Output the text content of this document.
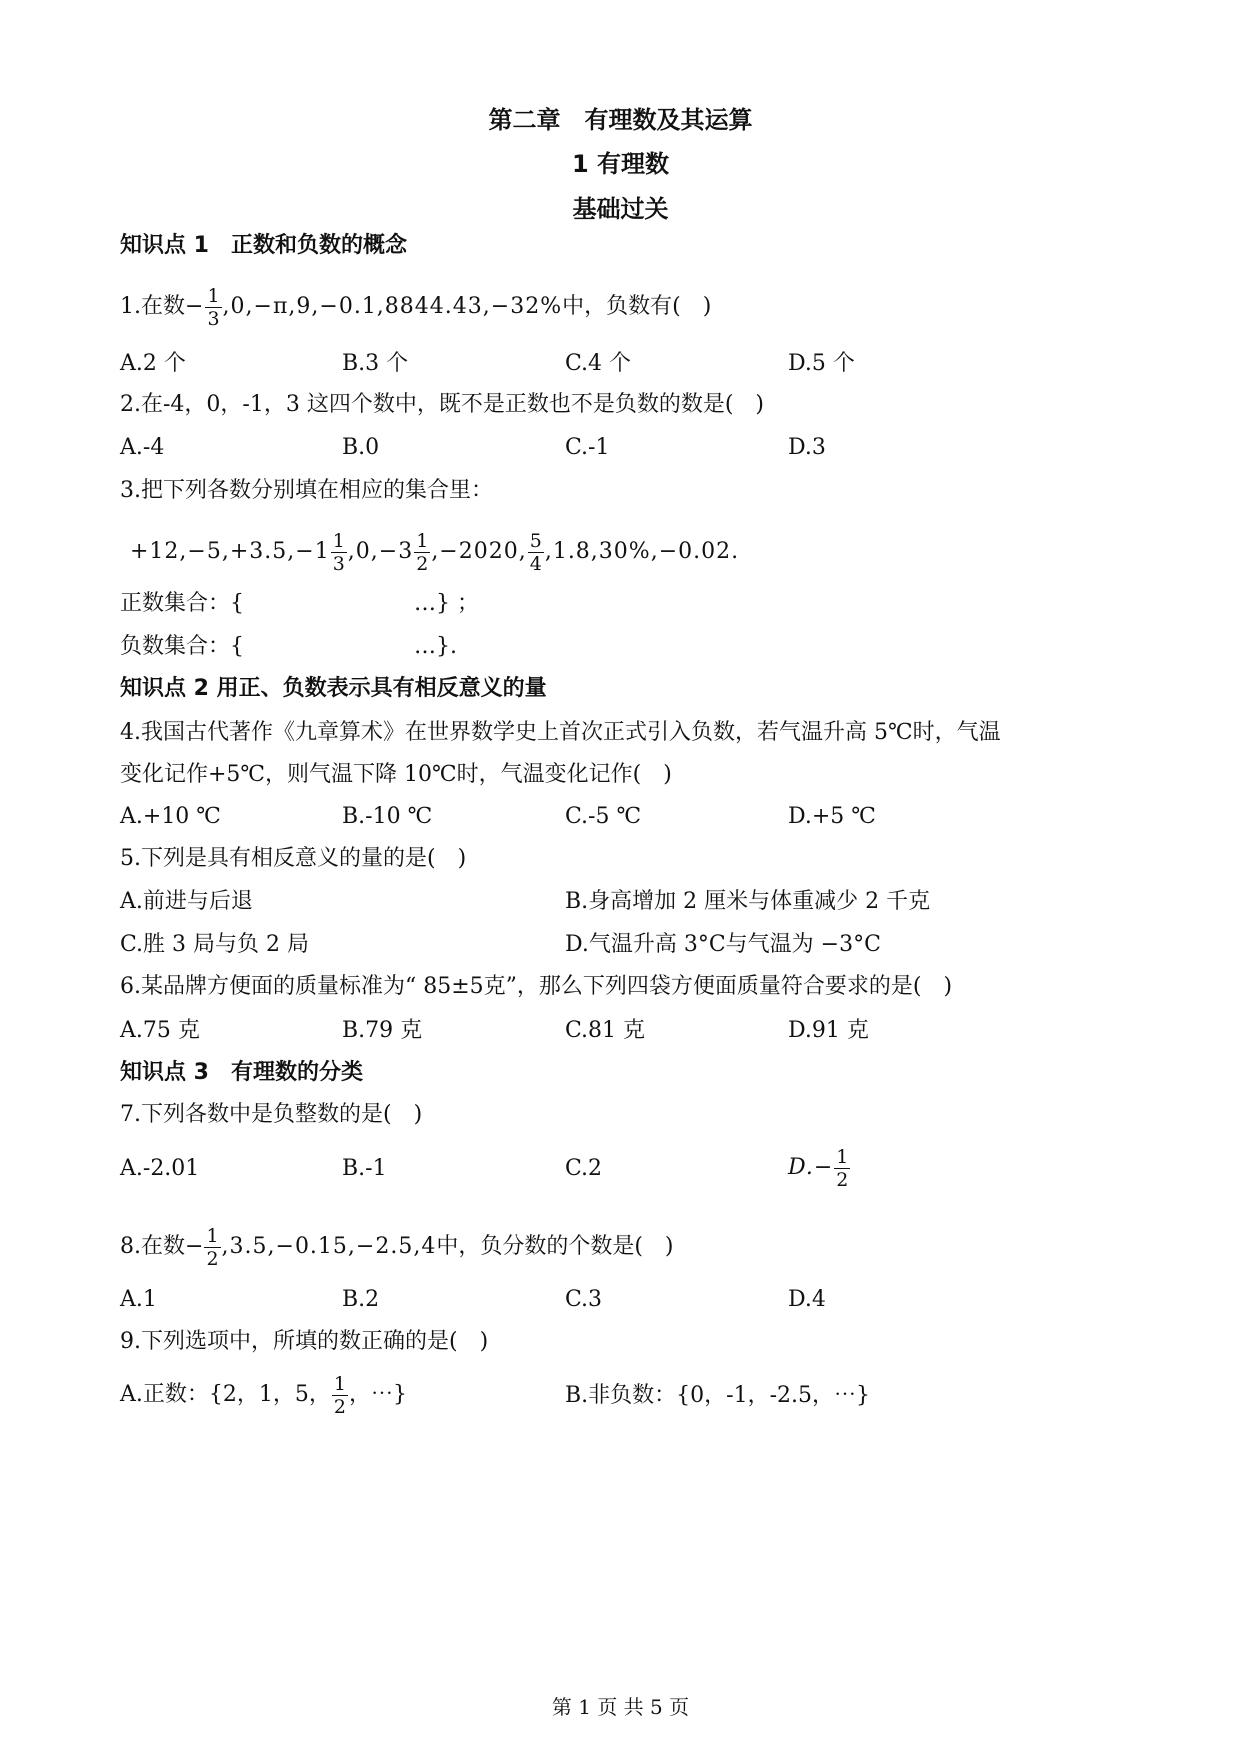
第二章　有理数及其运算
1 有理数
基础过关
知识点 1　正数和负数的概念
1.在数− $\frac{1}{3} ,0,-\pi,9,-0.1,8844.43,-32\%$中，负数有(　)
A.2 个	B.3 个	C.4 个	D.5 个
2.在-4，0，-1，3 这四个数中，既不是正数也不是负数的数是(　)
A.-4	B.0	C.-1	D.3
3.把下列各数分别填在相应的集合里：
$+12,-5,+3.5,-1 \frac{1}{3} ,0,-3 \frac{1}{2} ,-2020$, $\frac{5}{4} ,1.8,30\%,-0.02$.
正数集合：{	…} ；
负数集合：{	…}.
知识点 2 用正、负数表示具有相反意义的量
4.我国古代著作《九章算术》在世界数学史上首次正式引入负数，若气温升高 5℃时，气温
变化记作+5℃，则气温下降 10℃时，气温变化记作(　)
A.+10 ℃	B.-10 ℃	C.-5 ℃	D.+5 ℃
5.下列是具有相反意义的量的是(　)
A.前进与后退	B.身高增加 2 厘米与体重减少 2 千克
C.胜 3 局与负 2 局	D.气温升高 3°C与气温为 −3°C
6.某品牌方便面的质量标准为“ 85±5克”，那么下列四袋方便面质量符合要求的是(　)
A.75 克	B.79 克	C.81 克	D.91 克
知识点 3　有理数的分类
7.下列各数中是负整数的是(　)
A.-2.01	B.-1	C.2	$D.- \frac{1}{2}$
8.在数− $\frac{1}{2} ,3.5,-0.15,-2.5,4$中，负分数的个数是(　)
A.1	B.2	C.3	D.4
9.下列选项中，所填的数正确的是(　)
A.正数：{2，1，5， $\frac{1}{2}$ ，⋯}	B.非负数：{0，-1，-2.5，⋯}
第 1 页 共 5 页
